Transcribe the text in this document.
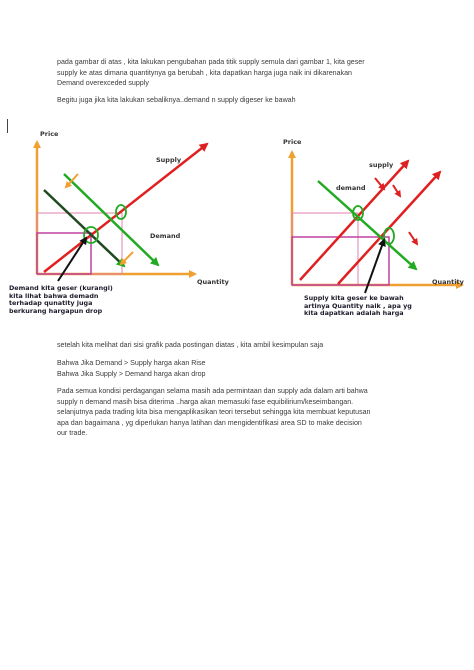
pada gambar di atas , kita lakukan pengubahan pada titik supply semula dari gambar 1, kita geser
supply ke atas dimana quantitynya ga berubah , kita dapatkan harga juga naik ini dikarenakan
Demand overexceded supply

Begitu juga jika kita lakukan sebaliknya..demand n supply digeser ke bawah

Price
Quantity
Supply
Demand
Price
Quantity
supply
demand
Demand kita geser (kurangi)
kita lihat bahwa demadn
terhadap qunatity juga
berkurang hargapun drop
Supply kita geser ke bawah
artinya Quantity naik , apa yg
kita dapatkan adalah harga

setelah kita melihat dari sisi grafik pada postingan diatas , kita ambil kesimpulan saja

Bahwa Jika Demand > Supply harga akan Rise
Bahwa Jika Supply > Demand harga akan drop

Pada semua kondisi perdagangan selama masih ada permintaan dan supply ada dalam arti bahwa
supply n demand masih bisa diterima ..harga akan memasuki fase equibilirium/keseimbangan.
selanjutnya pada trading kita bisa mengaplikasikan teori tersebut sehingga kita membuat keputusan
apa dan bagaimana , yg diperlukan hanya latihan dan mengidentifikasi area SD to make decision
our trade.
